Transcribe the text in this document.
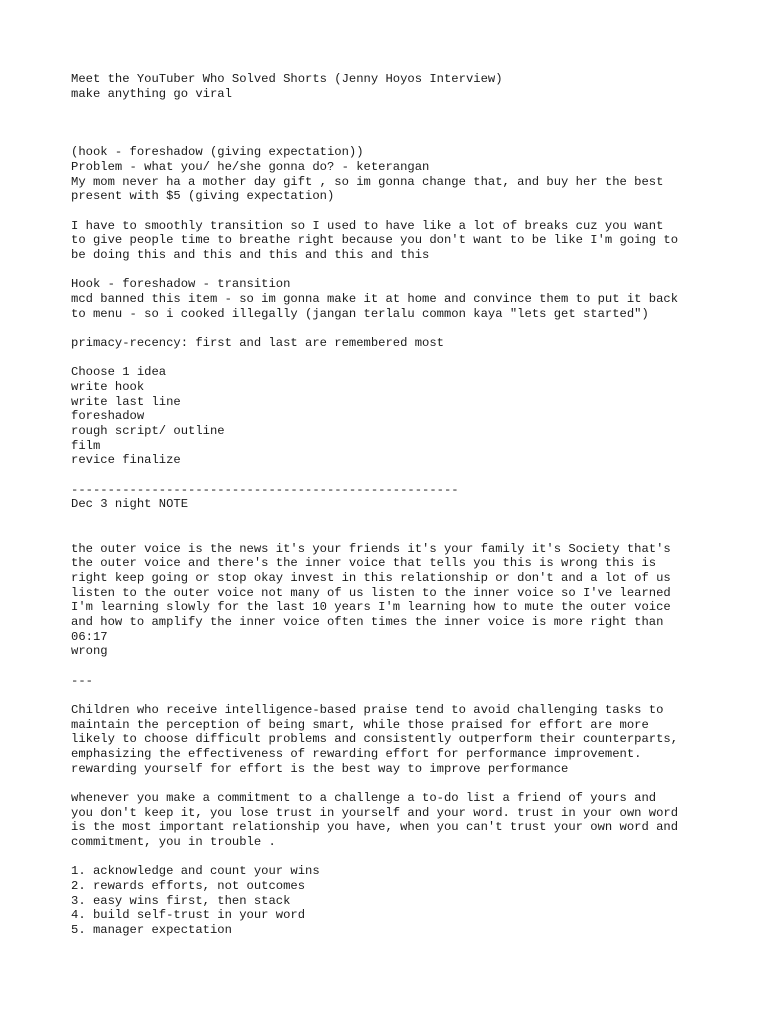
Meet the YouTuber Who Solved Shorts (Jenny Hoyos Interview)

make anything go viral

(hook - foreshadow (giving expectation))

Problem - what you/ he/she gonna do? - keterangan

My mom never ha a mother day gift , so im gonna change that, and buy her the best

present with $5 (giving expectation)

I have to smoothly transition so I used to have like a lot of breaks cuz you want

to give people time to breathe right because you don't want to be like I'm going to

be doing this and this and this and this and this

Hook - foreshadow - transition

mcd banned this item - so im gonna make it at home and convince them to put it back

to menu - so i cooked illegally (jangan terlalu common kaya "lets get started")

primacy-recency: first and last are remembered most

Choose 1 idea

write hook

write last line

foreshadow

rough script/ outline

film

revice finalize

-----------------------------------------------------

Dec 3 night NOTE

the outer voice is the news it's your friends it's your family it's Society that's

the outer voice and there's the inner voice that tells you this is wrong this is

right keep going or stop okay invest in this relationship or don't and a lot of us

listen to the outer voice not many of us listen to the inner voice so I've learned

I'm learning slowly for the last 10 years I'm learning how to mute the outer voice

and how to amplify the inner voice often times the inner voice is more right than

06:17

wrong

---

Children who receive intelligence-based praise tend to avoid challenging tasks to

maintain the perception of being smart, while those praised for effort are more

likely to choose difficult problems and consistently outperform their counterparts,

emphasizing the effectiveness of rewarding effort for performance improvement.

rewarding yourself for effort is the best way to improve performance

whenever you make a commitment to a challenge a to-do list a friend of yours and

you don't keep it, you lose trust in yourself and your word. trust in your own word

is the most important relationship you have, when you can't trust your own word and

commitment, you in trouble .

1. acknowledge and count your wins

2. rewards efforts, not outcomes

3. easy wins first, then stack

4. build self-trust in your word

5. manager expectation
